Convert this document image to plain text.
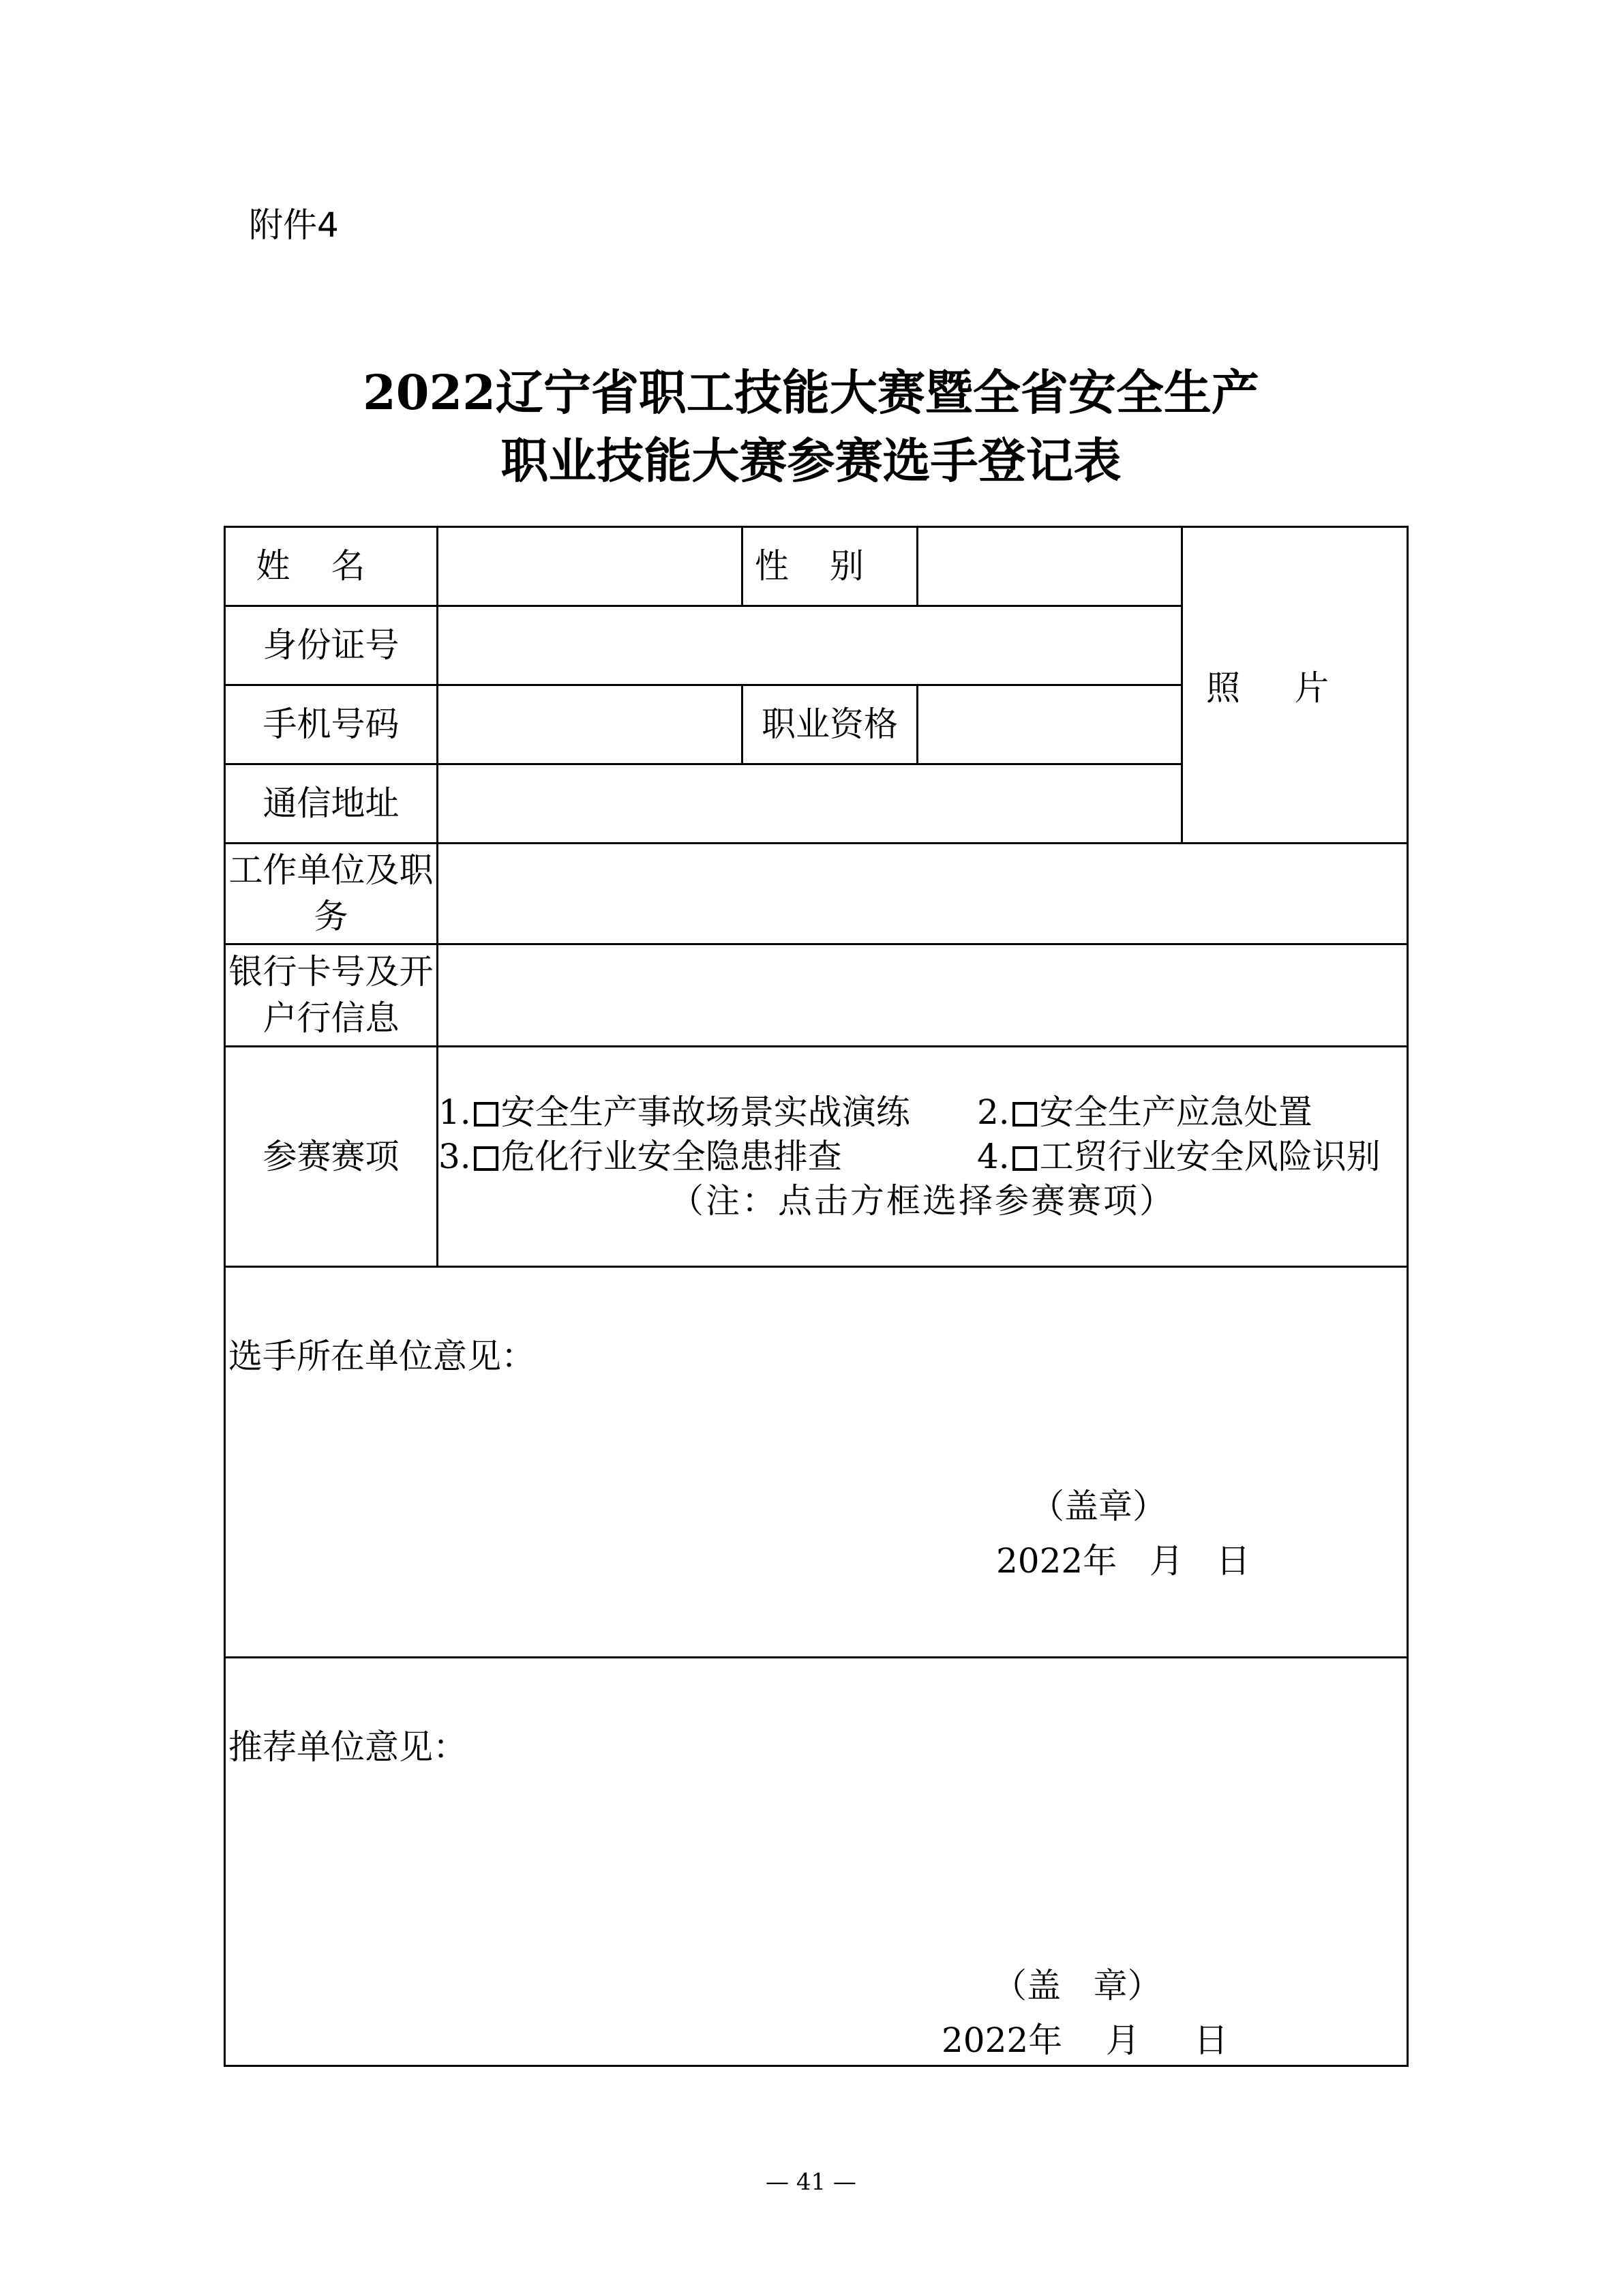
附件4
2022辽宁省职工技能大赛暨全省安全生产
职业技能大赛参赛选手登记表
姓名		性别		照片
身份证号				
手机号码		职业资格		
通信地址				
工作单位及职务				
银行卡号及开户行信息				
参赛赛项	1. 安全生产事故场景实战演练 2. 安全生产应急处置
3. 危化行业安全隐患排查 4. 工贸行业安全风险识别
（注：点击方框选择参赛赛项）			

选手所在单位意见：
（盖章）
2022年   月   日				

推荐单位意见：
（盖   章）
2022年    月     日				
— 41 —
